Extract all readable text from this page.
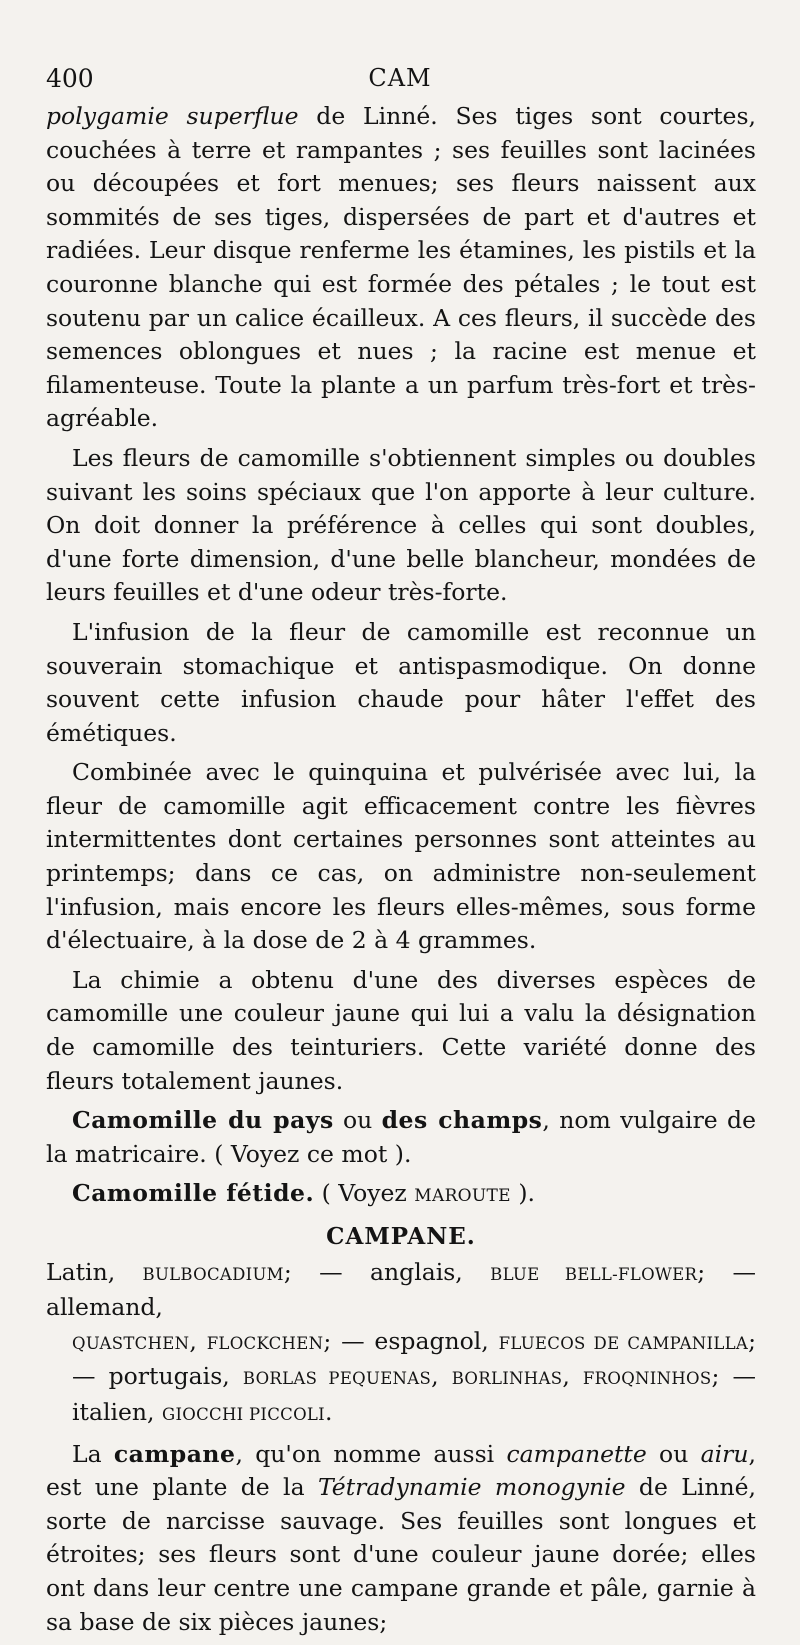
400	CAM

polygamie superflue de Linné. Ses tiges sont courtes, couchées à terre et rampantes ; ses feuilles sont lacinées ou découpées et fort menues; ses fleurs naissent aux sommités de ses tiges, dispersées de part et d'autres et radiées. Leur disque renferme les étamines, les pistils et la couronne blanche qui est formée des pétales ; le tout est soutenu par un calice écailleux. A ces fleurs, il succède des semences oblongues et nues ; la racine est menue et filamenteuse. Toute la plante a un parfum très-fort et très-agréable.

Les fleurs de camomille s'obtiennent simples ou doubles suivant les soins spéciaux que l'on apporte à leur culture. On doit donner la préférence à celles qui sont doubles, d'une forte dimension, d'une belle blancheur, mondées de leurs feuilles et d'une odeur très-forte.

L'infusion de la fleur de camomille est reconnue un souverain stomachique et antispasmodique. On donne souvent cette infusion chaude pour hâter l'effet des émétiques.

Combinée avec le quinquina et pulvérisée avec lui, la fleur de camomille agit efficacement contre les fièvres intermittentes dont certaines personnes sont atteintes au printemps; dans ce cas, on administre non-seulement l'infusion, mais encore les fleurs elles-mêmes, sous forme d'électuaire, à la dose de 2 à 4 grammes.

La chimie a obtenu d'une des diverses espèces de camomille une couleur jaune qui lui a valu la désignation de camomille des teinturiers. Cette variété donne des fleurs totalement jaunes.

Camomille du pays ou des champs, nom vulgaire de la matricaire. ( Voyez ce mot ).

Camomille fétide. ( Voyez MAROUTE ).

CAMPANE.

Latin, BULBOCADIUM; — anglais, BLUE BELL-FLOWER; — allemand,
QUASTCHEN, FLOCKCHEN; — espagnol, FLUECOS DE CAMPANILLA; — portugais, BORLAS PEQUENAS, BORLINHAS, FROQNINHOS; — italien, GIOCCHI PICCOLI.

La campane, qu'on nomme aussi campanette ou airu, est une plante de la Tétradynamie monogynie de Linné, sorte de narcisse sauvage. Ses feuilles sont longues et étroites; ses fleurs sont d'une couleur jaune dorée; elles ont dans leur centre une campane grande et pâle, garnie à sa base de six pièces jaunes;
